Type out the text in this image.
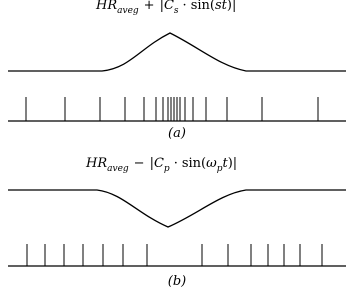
$HR_{aveg}$ + $|C_s$ · sin(st)|
(a)
$HR_{aveg}$ − $|C_p$ · $\sin(\omega_p^t)|$
(b)
